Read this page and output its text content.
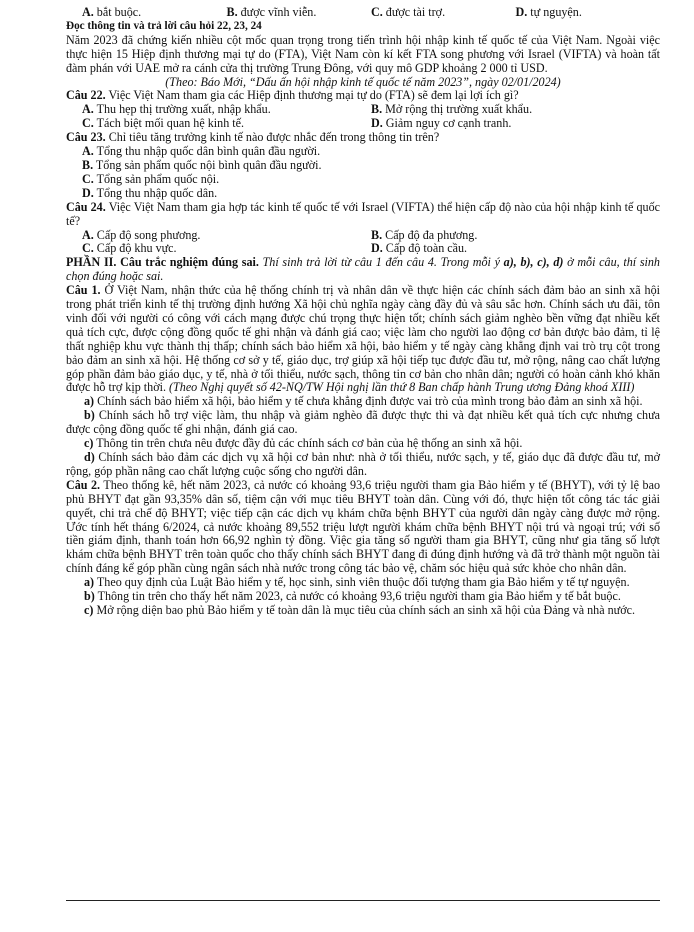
A. bắt buộc.	B. được vĩnh viễn.	C. được tài trợ.	D. tự nguyện.

Đọc thông tin và trả lời câu hỏi 22, 23, 24

Năm 2023 đã chứng kiến nhiều cột mốc quan trọng trong tiến trình hội nhập kinh tế quốc tế của Việt Nam. Ngoài việc thực hiện 15 Hiệp định thương mại tự do (FTA), Việt Nam còn kí kết FTA song phương với Israel (VIFTA) và hoàn tất đàm phán với UAE mở ra cánh cửa thị trường Trung Đông, với quy mô GDP khoảng 2 000 tỉ USD.

(Theo: Báo Mới, “Dấu ấn hội nhập kinh tế quốc tế năm 2023”, ngày 02/01/2024)

Câu 22. Việc Việt Nam tham gia các Hiệp định thương mại tự do (FTA) sẽ đem lại lợi ích gì?

A. Thu hẹp thị trường xuất, nhập khẩu.	B. Mở rộng thị trường xuất khẩu.
C. Tách biệt mối quan hệ kinh tế.	D. Giảm nguy cơ cạnh tranh.

Câu 23. Chỉ tiêu tăng trưởng kinh tế nào được nhắc đến trong thông tin trên?

A. Tổng thu nhập quốc dân bình quân đầu người.

B. Tổng sản phẩm quốc nội bình quân đầu người.

C. Tổng sản phẩm quốc nội.

D. Tổng thu nhập quốc dân.

Câu 24. Việc Việt Nam tham gia hợp tác kinh tế quốc tế với Israel (VIFTA) thể hiện cấp độ nào của hội nhập kinh tế quốc tế?

A. Cấp độ song phương.	B. Cấp độ đa phương.
C. Cấp độ khu vực.	D. Cấp độ toàn cầu.

PHẦN II. Câu trắc nghiệm đúng sai. Thí sinh trả lời từ câu 1 đến câu 4. Trong mỗi ý a), b), c), d) ở mỗi câu, thí sinh chọn đúng hoặc sai.

Câu 1. Ở Việt Nam, nhận thức của hệ thống chính trị và nhân dân về thực hiện các chính sách đảm bảo an sinh xã hội trong phát triển kinh tế thị trường định hướng Xã hội chủ nghĩa ngày càng đầy đủ và sâu sắc hơn. Chính sách ưu đãi, tôn vinh đối với người có công với cách mạng được chú trọng thực hiện tốt; chính sách giảm nghèo bền vững đạt nhiều kết quả tích cực, được cộng đồng quốc tế ghi nhận và đánh giá cao; việc làm cho người lao động cơ bản được bảo đảm, tỉ lệ thất nghiệp khu vực thành thị thấp; chính sách bảo hiểm xã hội, bảo hiểm y tế ngày càng khẳng định vai trò trụ cột trong bảo đảm an sinh xã hội. Hệ thống cơ sở y tế, giáo dục, trợ giúp xã hội tiếp tục được đầu tư, mở rộng, nâng cao chất lượng góp phần đảm bảo giáo dục, y tế, nhà ở tối thiểu, nước sạch, thông tin cơ bản cho nhân dân; người có hoàn cảnh khó khăn được hỗ trợ kịp thời. (Theo Nghị quyết số 42-NQ/TW Hội nghị lần thứ 8 Ban chấp hành Trung ương Đảng khoá XIII)

a) Chính sách bảo hiểm xã hội, bảo hiểm y tế chưa khẳng định được vai trò của mình trong bảo đảm an sinh xã hội.

b) Chính sách hỗ trợ việc làm, thu nhập và giảm nghèo đã được thực thi và đạt nhiều kết quả tích cực nhưng chưa được cộng đồng quốc tế ghi nhận, đánh giá cao.

c) Thông tin trên chưa nêu được đầy đủ các chính sách cơ bản của hệ thống an sinh xã hội.

d) Chính sách bảo đảm các dịch vụ xã hội cơ bản như: nhà ở tối thiểu, nước sạch, y tế, giáo dục đã được đầu tư, mở rộng, góp phần nâng cao chất lượng cuộc sống cho người dân.

Câu 2. Theo thống kê, hết năm 2023, cả nước có khoảng 93,6 triệu người tham gia Bảo hiểm y tế (BHYT), với tỷ lệ bao phủ BHYT đạt gần 93,35% dân số, tiệm cận với mục tiêu BHYT toàn dân. Cùng với đó, thực hiện tốt công tác tác giải quyết, chi trả chế độ BHYT; việc tiếp cận các dịch vụ khám chữa bệnh BHYT của người dân ngày càng được mở rộng. Ước tính hết tháng 6/2024, cả nước khoảng 89,552 triệu lượt người khám chữa bệnh BHYT nội trú và ngoại trú; với số tiền giám định, thanh toán hơn 66,92 nghìn tỷ đồng. Việc gia tăng số người tham gia BHYT, cũng như gia tăng số lượt khám chữa bệnh BHYT trên toàn quốc cho thấy chính sách BHYT đang đi đúng định hướng và đã trở thành một nguồn tài chính đáng kể góp phần cùng ngân sách nhà nước trong công tác bảo vệ, chăm sóc hiệu quả sức khỏe cho nhân dân.

a) Theo quy định của Luật Bảo hiểm y tế, học sinh, sinh viên thuộc đối tượng tham gia Bảo hiểm y tế tự nguyện.

b) Thông tin trên cho thấy hết năm 2023, cả nước có khoảng 93,6 triệu người tham gia Bảo hiểm y tế bắt buộc.

c) Mở rộng diện bao phủ Bảo hiểm y tế toàn dân là mục tiêu của chính sách an sinh xã hội của Đảng và nhà nước.
